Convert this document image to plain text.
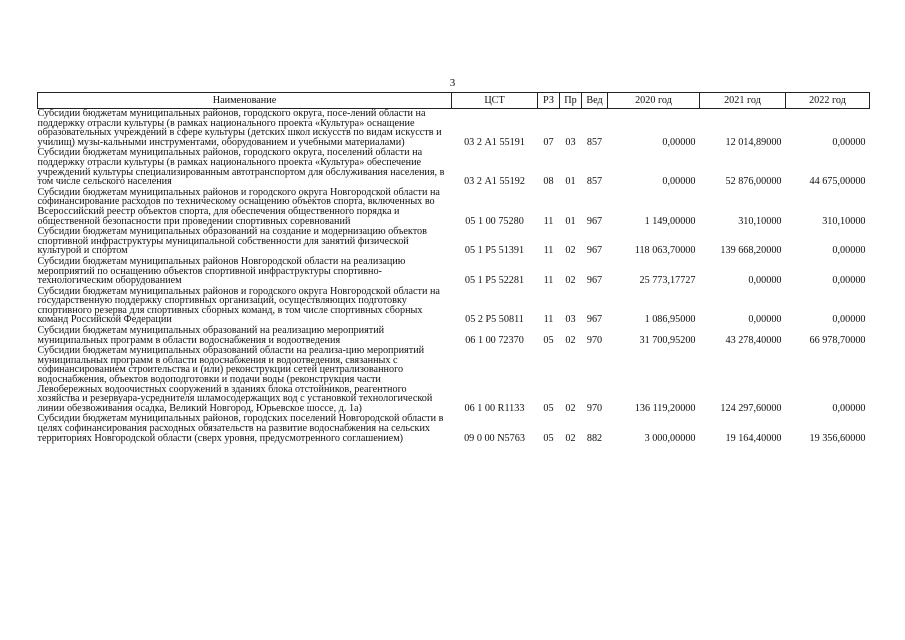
3
Наименование	ЦСТ	РЗ	Пр	Вед	2020 год	2021 год	2022 год
Субсидии бюджетам муниципальных районов, городского округа, посе-лений области на поддержку отрасли культуры (в рамках национального проекта «Культура» оснащение образовательных учреждений в сфере культуры (детских школ искусств по видам искусств и училищ) музы-кальными инструментами, оборудованием и учебными материалами)	03 2 А1 55191	07	03	857	0,00000	12 014,89000	0,00000
Субсидии бюджетам муниципальных районов, городского округа, поселений области на поддержку отрасли культуры (в рамках национального проекта «Культура» обеспечение учреждений культуры специализированным автотранспортом для обслуживания населения, в том числе сельского населения	03 2 А1 55192	08	01	857	0,00000	52 876,00000	44 675,00000
Субсидии бюджетам муниципальных районов и городского округа Новгородской области на софинансирование расходов по техническому оснащению объектов спорта, включенных во Всероссийский реестр объектов спорта, для обеспечения общественного порядка и общественной безопасности при проведении спортивных соревнований	05 1 00 75280	11	01	967	1 149,00000	310,10000	310,10000
Субсидии бюджетам муниципальных образований на создание и модернизацию объектов спортивной инфраструктуры муниципальной собственности для занятий физической культурой и спортом	05 1 Р5 51391	11	02	967	118 063,70000	139 668,20000	0,00000
Субсидии бюджетам муниципальных районов Новгородской области на реализацию мероприятий по оснащению объектов спортивной инфраструктуры спортивно-технологическим оборудованием	05 1 Р5 52281	11	02	967	25 773,17727	0,00000	0,00000
Субсидии бюджетам муниципальных районов и городского округа Новгородской области на государственную поддержку спортивных организаций, осуществляющих подготовку спортивного резерва для спортивных сборных команд, в том числе спортивных сборных команд Российской Федерации	05 2 Р5 50811	11	03	967	1 086,95000	0,00000	0,00000
Субсидии бюджетам муниципальных образований на реализацию мероприятий муниципальных программ в области водоснабжения и водоотведения	06 1 00 72370	05	02	970	31 700,95200	43 278,40000	66 978,70000
Субсидии бюджетам муниципальных образований области на реализа-цию мероприятий муниципальных программ в области водоснабжения и водоотведения, связанных с софинансированием строительства и (или) реконструкции сетей централизованного водоснабжения, объектов водоподготовки и подачи воды (реконструкция части Левобережных водоочистных сооружений в зданиях блока отстойников, реагентного хозяйства и резервуара-усреднителя шламосодержащих вод с установкой технологической линии обезвоживания осадка, Великий Новгород, Юрьевское шоссе, д. 1а)	06 1 00 R1133	05	02	970	136 119,20000	124 297,60000	0,00000
Субсидии бюджетам муниципальных районов, городских поселений Новгородской области в целях софинансирования расходных обязательств на развитие водоснабжения на сельских территориях Новгородской области (сверх уровня, предусмотренного соглашением)	09 0 00 N5763	05	02	882	3 000,00000	19 164,40000	19 356,60000
